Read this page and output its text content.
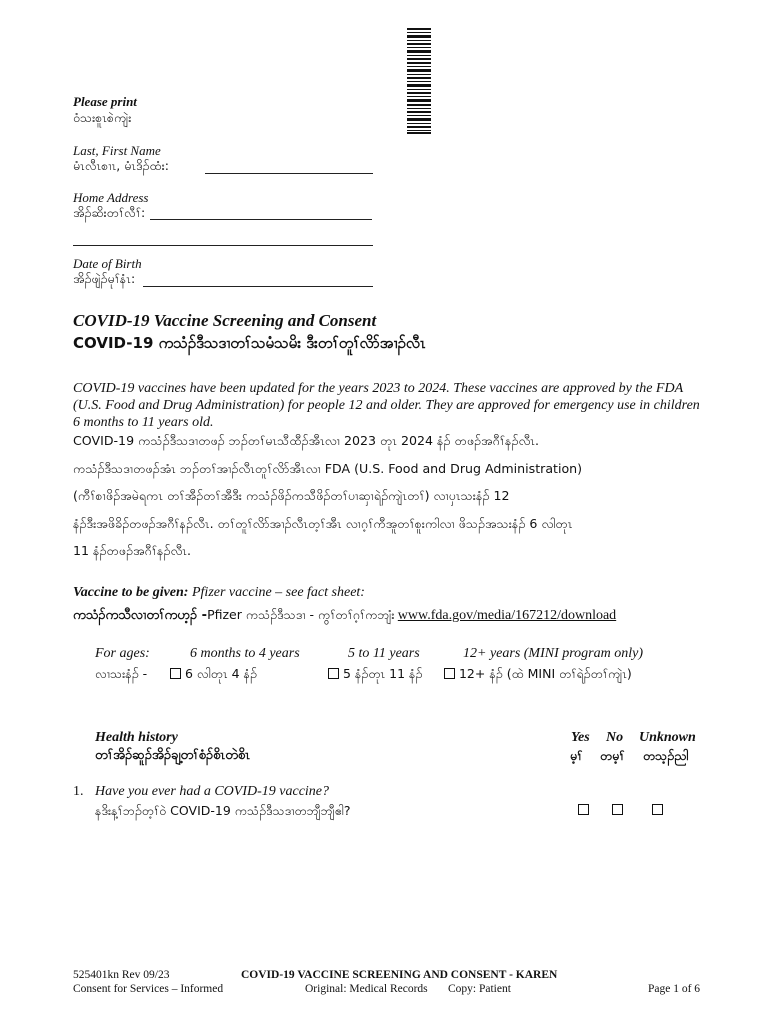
Please print
ဝံသးစူၤစဲကျဲး
Last, First Name
မံၤလီၤစၢၤ, မံၤဒိၣ်ထံး:
Home Address
အိၣ်ဆိးတၢ်လီၢ်:
Date of Birth
အိၣ်ဖျဲၣ်မုၢ်နံၤ:
COVID-19 Vaccine Screening and Consent
COVID-19 ကသံၣ်ဒီသဒၢတၢ်သမံသမိး ဒီးတၢ်တူၢ်လိာ်အၢၣ်လီၤ
COVID-19 vaccines have been updated for the years 2023 to 2024. These vaccines are approved by the FDA (U.S. Food and Drug Administration) for people 12 and older. They are approved for emergency use in children 6 months to 11 years old.
COVID-19 ကသံၣ်ဒီသဒၢတဖၣ် ဘၣ်တၢ်မၤသီထီၣ်အီၤလၢ 2023 တုၤ 2024 နံၣ် တဖၣ်အဂီၢ်နၣ်လီၤ.
ကသံၣ်ဒီသဒၢတဖၣ်အံၤ ဘၣ်တၢ်အၢၣ်လီၤတူၢ်လိာ်အီၤလၢ FDA (U.S. Food and Drug Administration)
(ကီၢ်စၢဖိၣ်အမဲရကၤ တၢ်အီၣ်တၢ်အီဒီး ကသံၣ်ဖိၣ်ကသီဖိၣ်တၢ်ပၢဆှၢရဲၣ်ကျဲၤတၢ်) လၢပှၤသးနံၣ် 12
နံၣ်ဒီးအဖိခိၣ်တဖၣ်အဂီၢ်နၣ်လီၤ. တၢ်တူၢ်လိာ်အၢၣ်လီၤတ့ၢ်အီၤ လၢဂ့ၢ်ကီအူတၢ်စူးကါလၢ ဖိသၣ်အသးနံၣ် 6 လါတုၤ
11 နံၣ်တဖၣ်အဂီၢ်နၣ်လီၤ.
Vaccine to be given: Pfizer vaccine – see fact sheet:
ကသံၣ်ကသီလၢတၢ်ကဟ့ၣ် -Pfizer ကသံၣ်ဒီသဒၢ - ကွၢ်တၢ်ဂ့ၢ်ကဘျံး www.fda.gov/media/167212/download
For ages:	6 months to 4 years	5 to 11 years	12+ years (MINI program only)
လၢသးနံၣ် -	6 လါတုၤ 4 နံၣ်	5 နံၣ်တုၤ 11 နံၣ်	12+ နံၣ် (ထဲ MINI တၢ်ရဲၣ်တၢ်ကျဲၤ)
Health history
တၢ်အိၣ်ဆူၣ်အိၣ်ချ့တၢ်စံၣ်စိၤတဲစိၤ
Yes No Unknown
မ့ၢ် တမ့ၢ် တသ့ၣ်ညါ
1. Have you ever had a COVID-19 vaccine?
နဒိးန့ၢ်ဘၣ်တ့ၢ်ဝဲ COVID-19 ကသံၣ်ဒီသဒၢတဘျီဘျီဧါ?
525401kn Rev 09/23
Consent for Services – Informed
COVID-19 VACCINE SCREENING AND CONSENT - KAREN
Original: Medical Records Copy: Patient	Page 1 of 6
